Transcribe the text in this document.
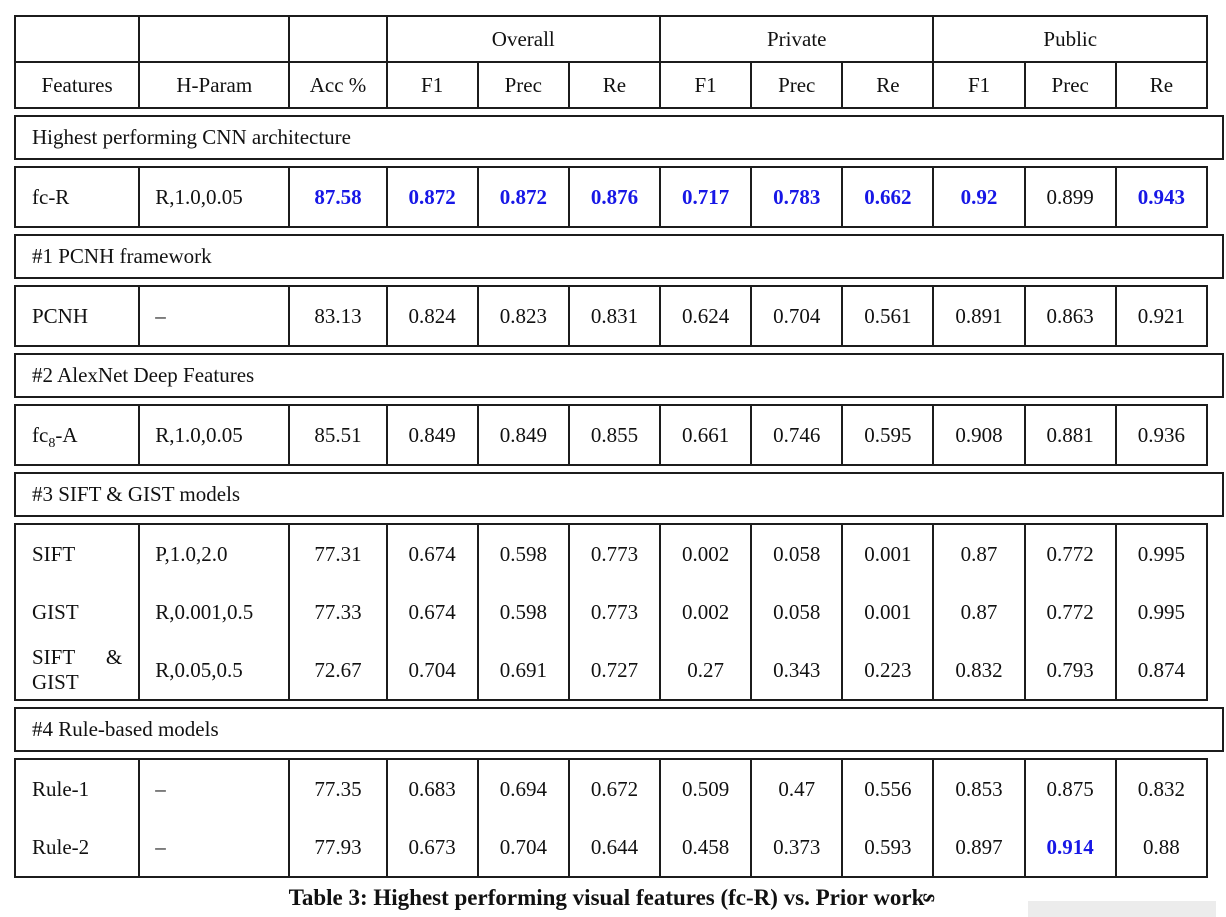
			Overall			Private			Public		
Features	H-Param	Acc %	F1	Prec	Re	F1	Prec	Re	F1	Prec	Re
Highest performing CNN architecture
fc-R	R,1.0,0.05	87.58	0.872	0.872	0.876	0.717	0.783	0.662	0.92	0.899	0.943
#1 PCNH framework
PCNH	–	83.13	0.824	0.823	0.831	0.624	0.704	0.561	0.891	0.863	0.921
#2 AlexNet Deep Features
$fc_8-A$	R,1.0,0.05	85.51	0.849	0.849	0.855	0.661	0.746	0.595	0.908	0.881	0.936
#3 SIFT & GIST models
SIFT	P,1.0,2.0	77.31	0.674	0.598	0.773	0.002	0.058	0.001	0.87	0.772	0.995
GIST	R,0.001,0.5	77.33	0.674	0.598	0.773	0.002	0.058	0.001	0.87	0.772	0.995
SIFT & GIST	R,0.05,0.5	72.67	0.704	0.691	0.727	0.27	0.343	0.223	0.832	0.793	0.874
#4 Rule-based models
Rule-1	–	77.35	0.683	0.694	0.672	0.509	0.47	0.556	0.853	0.875	0.832
Rule-2	–	77.93	0.673	0.704	0.644	0.458	0.373	0.593	0.897	0.914	0.88
Table 3: Highest performing visual features (fc-R) vs. Prior works
